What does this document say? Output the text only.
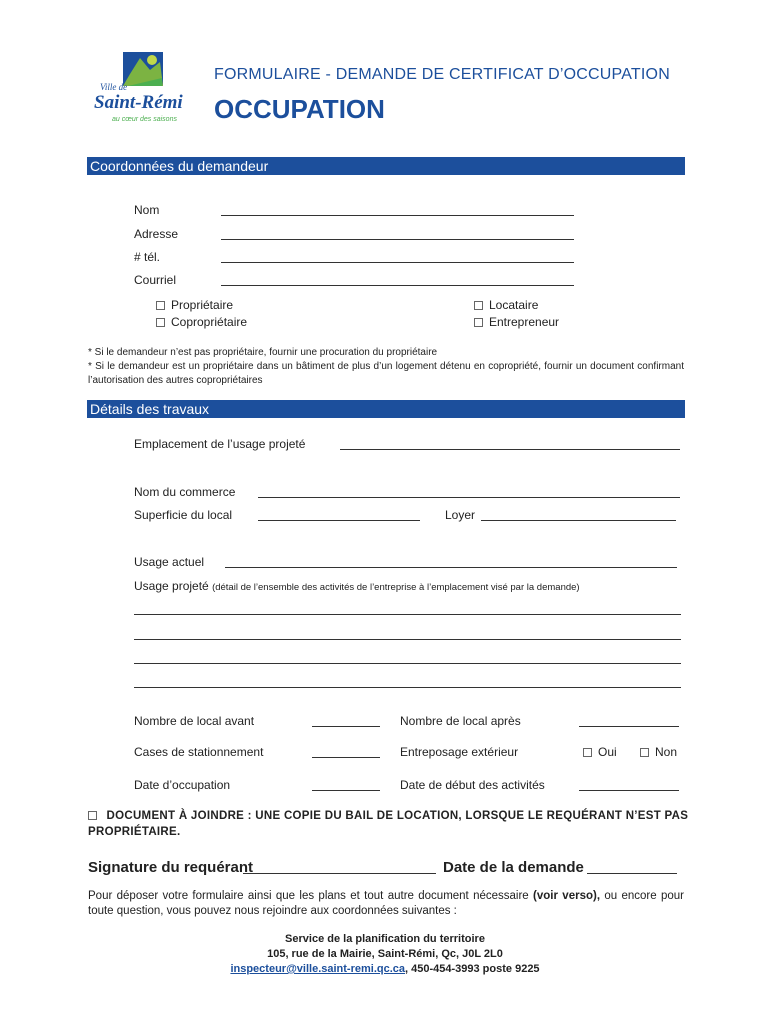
Ville de
Saint-Rémi
au cœur des saisons
FORMULAIRE - DEMANDE DE CERTIFICAT D’OCCUPATION
OCCUPATION
Coordonnées du demandeur
Nom
Adresse
# tél.
Courriel
Propriétaire
Copropriétaire
Locataire
Entrepreneur
* Si le demandeur n’est pas propriétaire, fournir une procuration du propriétaire
* Si le demandeur est un propriétaire dans un bâtiment de plus d’un logement détenu en copropriété, fournir un document confirmant l’autorisation des autres copropriétaires
Détails des travaux
Emplacement de l’usage projeté
Nom du commerce
Superficie du local	Loyer
Usage actuel
Usage projeté (détail de l’ensemble des activités de l’entreprise à l’emplacement visé par la demande)
Nombre de local avant	Nombre de local après
Cases de stationnement	Entreposage extérieur	Oui	Non
Date d’occupation	Date de début des activités
DOCUMENT À JOINDRE : UNE COPIE DU BAIL DE LOCATION, LORSQUE LE REQUÉRANT N’EST PAS
PROPRIÉTAIRE.
Signature du requérant	Date de la demande
Pour déposer votre formulaire ainsi que les plans et tout autre document nécessaire (voir verso), ou encore pour toute question, vous pouvez nous rejoindre aux coordonnées suivantes :
Service de la planification du territoire
105, rue de la Mairie, Saint-Rémi, Qc, J0L 2L0
inspecteur@ville.saint-remi.qc.ca, 450-454-3993 poste 9225
